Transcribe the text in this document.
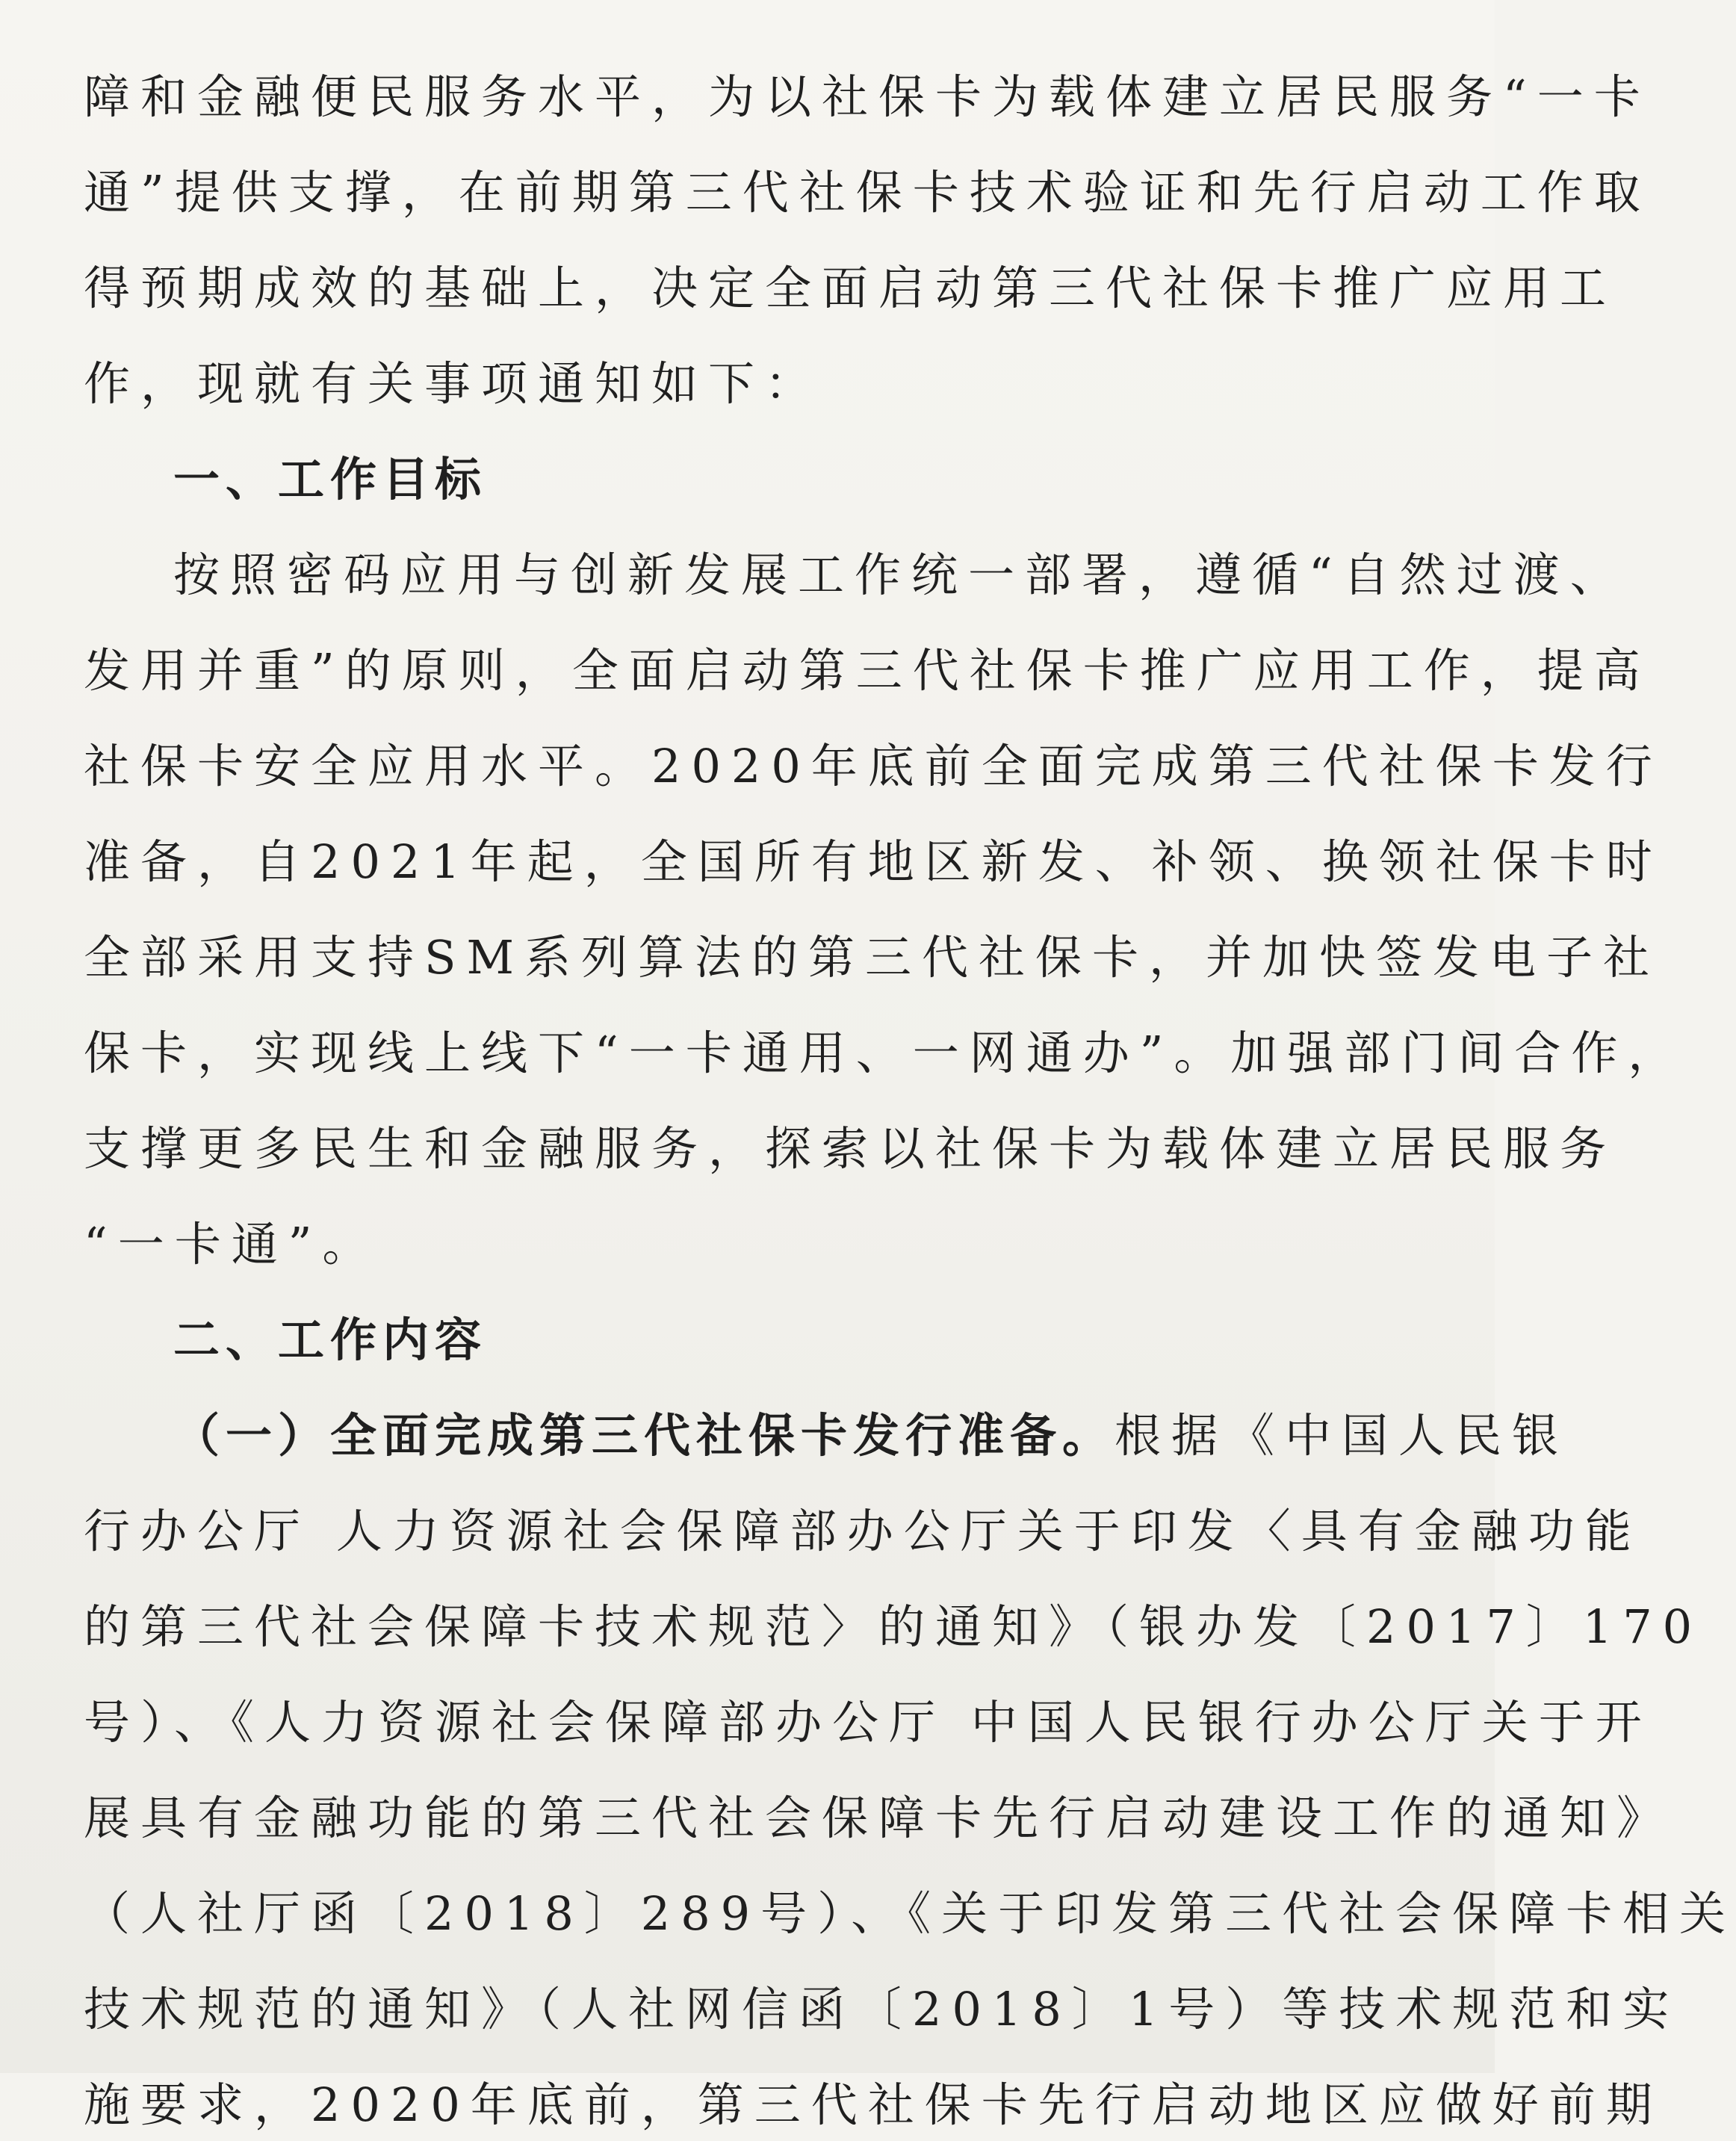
障和金融便民服务水平，为以社保卡为载体建立居民服务“一卡
通”提供支撑，在前期第三代社保卡技术验证和先行启动工作取
得预期成效的基础上，决定全面启动第三代社保卡推广应用工
作，现就有关事项通知如下：
一、工作目标
按照密码应用与创新发展工作统一部署，遵循“自然过渡、
发用并重”的原则，全面启动第三代社保卡推广应用工作，提高
社保卡安全应用水平。2020年底前全面完成第三代社保卡发行
准备，自2021年起，全国所有地区新发、补领、换领社保卡时
全部采用支持SM系列算法的第三代社保卡，并加快签发电子社
保卡，实现线上线下“一卡通用、一网通办”。加强部门间合作，
支撑更多民生和金融服务，探索以社保卡为载体建立居民服务
“一卡通”。
二、工作内容
（一）全面完成第三代社保卡发行准备。根据《中国人民银
行办公厅 人力资源社会保障部办公厅关于印发〈具有金融功能
的第三代社会保障卡技术规范〉的通知》（银办发〔2017〕170
号）、《人力资源社会保障部办公厅 中国人民银行办公厅关于开
展具有金融功能的第三代社会保障卡先行启动建设工作的通知》
（人社厅函〔2018〕289号）、《关于印发第三代社会保障卡相关
技术规范的通知》（人社网信函〔2018〕1号）等技术规范和实
施要求，2020年底前，第三代社保卡先行启动地区应做好前期
